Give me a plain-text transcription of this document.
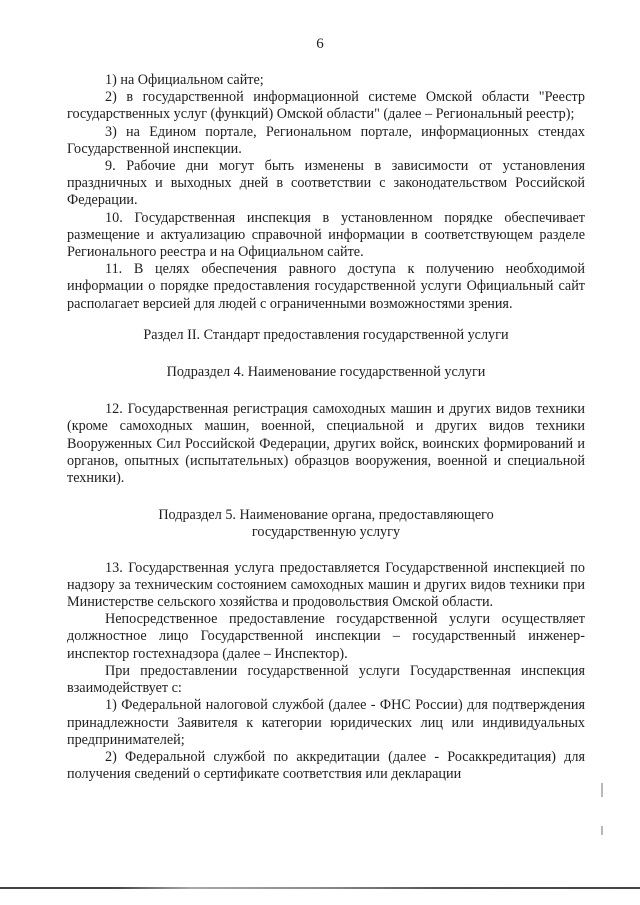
6

1) на Официальном сайте;

2) в государственной информационной системе Омской области "Реестр государственных услуг (функций) Омской области" (далее – Региональный реестр);

3) на Едином портале, Региональном портале, информационных стендах Государственной инспекции.

9. Рабочие дни могут быть изменены в зависимости от установления праздничных и выходных дней в соответствии с законодательством Российской Федерации.

10. Государственная инспекция в установленном порядке обеспечивает размещение и актуализацию справочной информации в соответствующем разделе Регионального реестра и на Официальном сайте.

11. В целях обеспечения равного доступа к получению необходимой информации о порядке предоставления государственной услуги Официальный сайт располагает версией для людей с ограниченными возможностями зрения.

Раздел II. Стандарт предоставления государственной услуги

Подраздел 4. Наименование государственной услуги

12. Государственная регистрация самоходных машин и других видов техники (кроме самоходных машин, военной, специальной и других видов техники Вооруженных Сил Российской Федерации, других войск, воинских формирований и органов, опытных (испытательных) образцов вооружения, военной и специальной техники).

Подраздел 5. Наименование органа, предоставляющего

государственную услугу

13. Государственная услуга предоставляется Государственной инспекцией по надзору за техническим состоянием самоходных машин и других видов техники при Министерстве сельского хозяйства и продовольствия Омской области.

Непосредственное предоставление государственной услуги осуществляет должностное лицо Государственной инспекции – государственный инженер-инспектор гостехнадзора (далее – Инспектор).

При предоставлении государственной услуги Государственная инспекция взаимодействует с:

1) Федеральной налоговой службой (далее - ФНС России) для подтверждения принадлежности Заявителя к категории юридических лиц или индивидуальных предпринимателей;

2) Федеральной службой по аккредитации (далее - Росаккредитация) для получения сведений о сертификате соответствия или декларации
